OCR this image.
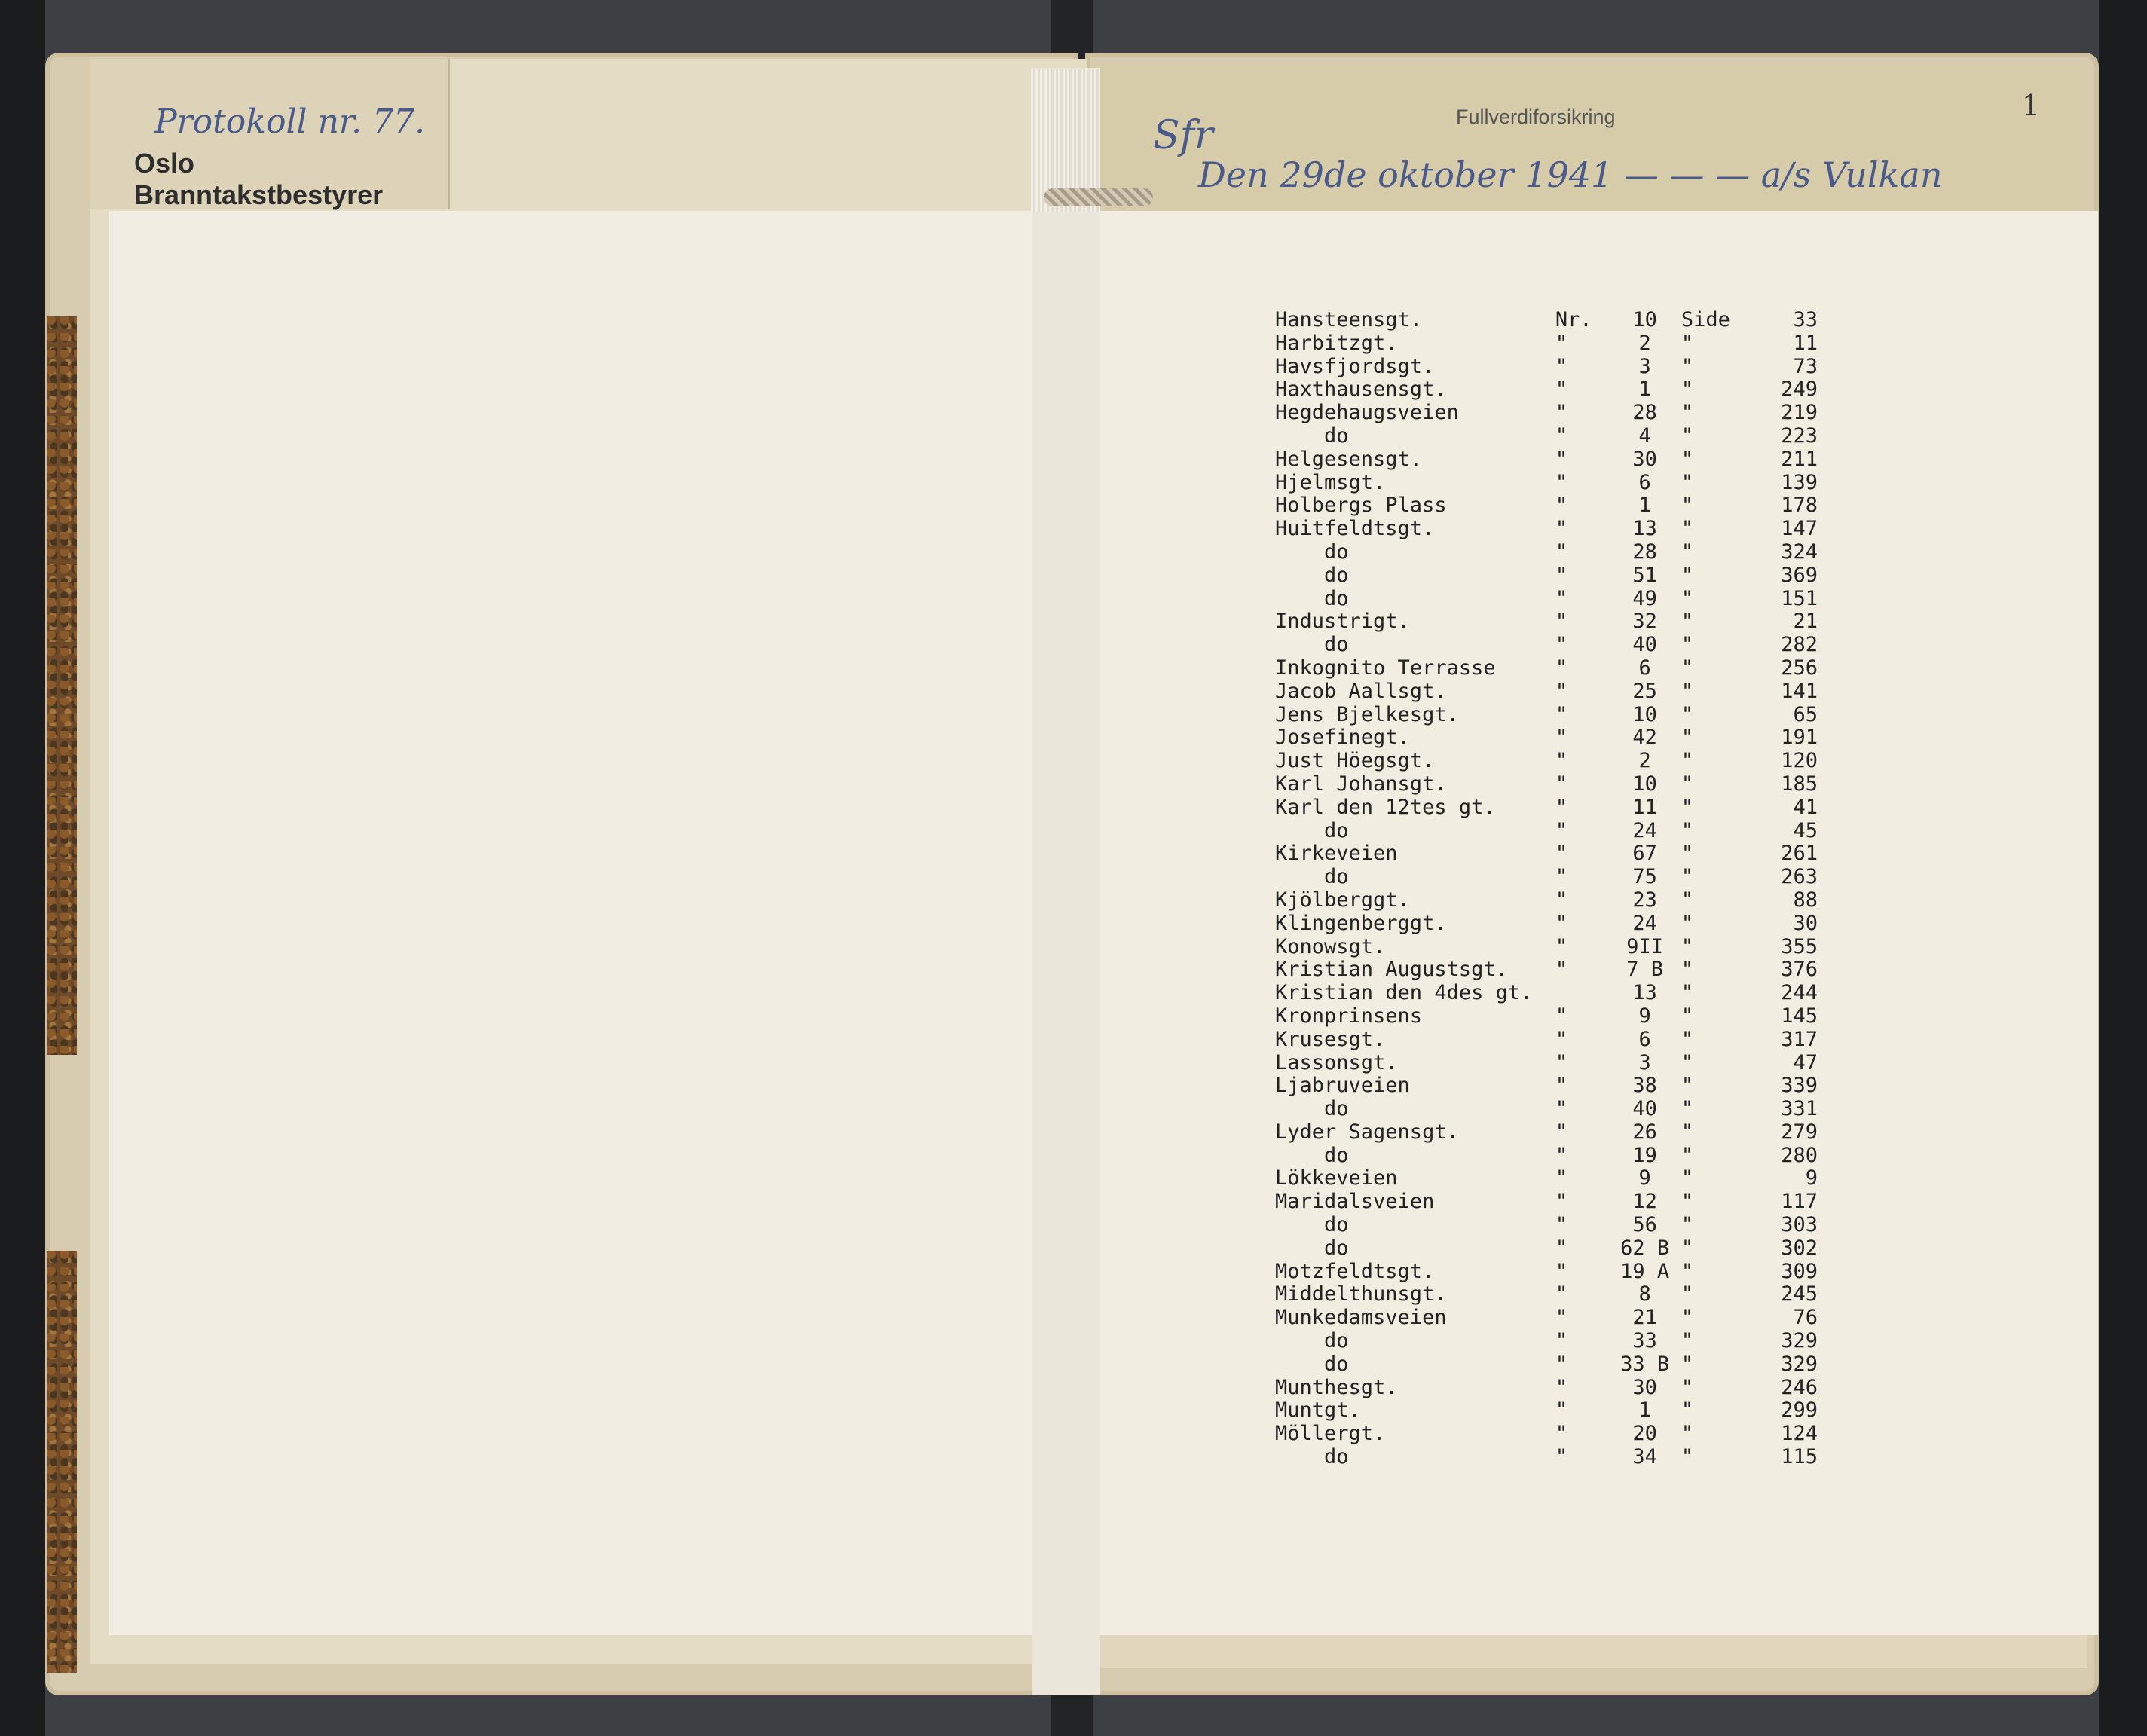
Protokoll nr. 77.
Oslo Branntakstbestyrer
Fullverdiforsikring
Sfr
Den 29de oktober 1941 — — — a/s Vulkan
1
Hansteensgt.	Nr.	10	Side	33
Harbitzgt.	"	2	"	11
Havsfjordsgt.	"	3	"	73
Haxthausensgt.	"	1	"	249
Hegdehaugsveien	"	28	"	219
do	"	4	"	223
Helgesensgt.	"	30	"	211
Hjelmsgt.	"	6	"	139
Holbergs Plass	"	1	"	178
Huitfeldtsgt.	"	13	"	147
do	"	28	"	324
do	"	51	"	369
do	"	49	"	151
Industrigt.	"	32	"	21
do	"	40	"	282
Inkognito Terrasse	"	6	"	256
Jacob Aallsgt.	"	25	"	141
Jens Bjelkesgt.	"	10	"	65
Josefinegt.	"	42	"	191
Just Höegsgt.	"	2	"	120
Karl Johansgt.	"	10	"	185
Karl den 12tes gt.	"	11	"	41
do	"	24	"	45
Kirkeveien	"	67	"	261
do	"	75	"	263
Kjölberggt.	"	23	"	88
Klingenberggt.	"	24	"	30
Konowsgt.	"	9II	"	355
Kristian Augustsgt.	"	7 B	"	376
Kristian den 4des gt.		13	"	244
Kronprinsens	"	9	"	145
Krusesgt.	"	6	"	317
Lassonsgt.	"	3	"	47
Ljabruveien	"	38	"	339
do	"	40	"	331
Lyder Sagensgt.	"	26	"	279
do	"	19	"	280
Lökkeveien	"	9	"	9
Maridalsveien	"	12	"	117
do	"	56	"	303
do	"	62 B	"	302
Motzfeldtsgt.	"	19 A	"	309
Middelthunsgt.	"	8	"	245
Munkedamsveien	"	21	"	76
do	"	33	"	329
do	"	33 B	"	329
Munthesgt.	"	30	"	246
Muntgt.	"	1	"	299
Möllergt.	"	20	"	124
do	"	34	"	115
